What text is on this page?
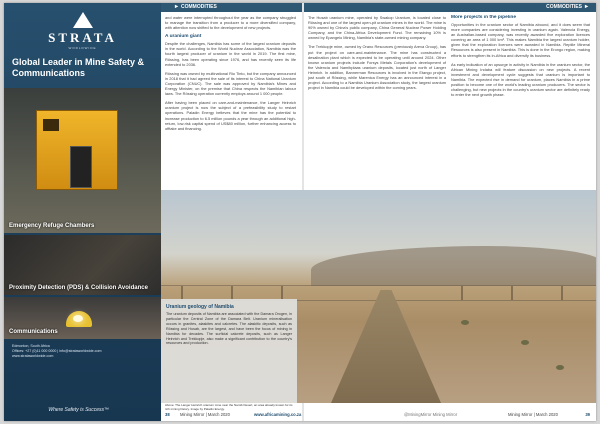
STRATA
WORLDWIDE
Global Leader in Mine Safety & Communications
Emergency Refuge Chambers
Proximity Detection (PDS) & Collision Avoidance
Communications
Edmonton, South Africa
Offices: +27 (0)11 000 0000 | info@strataworldwide.com
www.strataworldwide.com
Where Safety is Success™
▸ COMMODITIES	COMMODITIES ▸

and water were interrupted throughout the year as the company struggled to manage the transition from a producer to a more diversified company, with attention now shifted to the development of new projects.

A uranium giant

Despite the challenges, Namibia has some of the largest uranium deposits in the world. According to the World Nuclear Association, Namibia was the fourth largest producer of uranium in the world in 2019. The first mine, Rössing, has been operating since 1976, and has recently seen its life extended to 2036.

Rössing was owned by multinational Rio Tinto, but the company announced in 2018 that it had agreed the sale of its interest to China National Uranium Corporation (CNUC). The sale was approved by Namibia's Mines and Energy Minister, on the premise that China respects the Namibian labour laws. The Rössing operation currently employs around 1 000 people.

After having been placed on care-and-maintenance, the Langer Heinrich uranium project is now the subject of a prefeasibility study to restart operations. Paladin Energy believes that the mine has the potential to increase production to 6.5 million pounds a year through an additional high-return, low-risk capital spend of US$80 million, further enhancing access to offtake and financing.

The Husab uranium mine, operated by Swakop Uranium, is located close to Rössing and one of the largest open-pit uranium mines in the world. The mine is 90% owned by China's public company, China General Nuclear Power Holding Company, and the China-Africa Development Fund. The remaining 10% is owned by Epangelo Mining, Namibia's state-owned mining company.

The Trekkopje mine, owned by Orano Resources (previously Areva Group), has put the project on care-and-maintenance. The mine has constructed a desalination plant which is expected to be operating until around 2024. Other known uranium projects include Forsys Metals Corporation's development of the Valencia and Namibplaas uranium deposits, located just north of Langer Heinrich. In addition, Bannerman Resources is involved in the Etango project, just south of Rössing, while Marenica Energy has an announced interest in a project. According to a Namibia Uranium Association study, the largest uranium project in Namibia could be developed within the coming years.

More projects in the pipeline

Opportunities in the uranium sector of Namibia abound, and it does seem that more companies are considering investing in uranium again. Valencia Energy, an Australian-based company, was recently awarded five exploration licences covering an area of 1 000 km². This makes Namibia the largest uranium holder, given that the exploration licences were awarded in Namibia. Reptile Mineral Resources is also present in Namibia. This is done in the Erongo region, making efforts to strengthen its in-Africa and diversify its business.

As early indication of an upsurge in activity in Namibia in the uranium sector, the African Mining Indaba will feature discussion on new projects. A recent investment and development cycle suggests that uranium is important to Namibia. The expected rise in demand for uranium, places Namibia in a prime position to become one of the world's leading uranium producers. The sector is challenging, but new projects in the country's uranium sector are definitely ready to enter the next growth phase.

Uranium geology of Namibia
The uranium deposits of Namibia are associated with the Damara Orogen, in particular the Central Zone of the Damara Belt. Uranium mineralisation occurs in granites, alaskites and calcretes. The alaskitic deposits, such as Rössing and Husab, are the largest, and have been the focus of mining in Namibia for decades. The surficial calcrete deposits, such as Langer Heinrich and Trekkopje, also make a significant contribution to the country's resources and production.
Above: The Langer Heinrich uranium mine near the Namib Desert, an area already known for its rich mining history. Image by Paladin Energy.
38 Mining Mirror | March 2020	www.africamining.co.za	@MiningMirror Mining Mirror	Mining Mirror | March 2020	39
